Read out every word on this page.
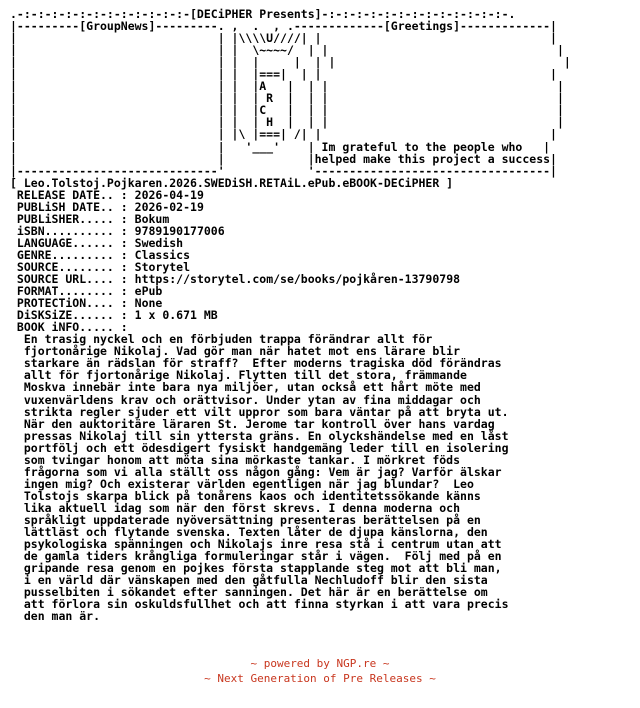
.-:-:-:-:-:-:-:-:-:-:-:-:-[DECiPHER Presents]-:-:-:-:-:-:-:-:-:-:-:-:-:-.
|---------[GroupNews]---------. ,  .  , .-------------[Greetings]-------------|
|                             | |\\\\U////| |                                 |
|                             | |  \~~~~/  | |                                 |
|                             | |  |     |  | |                                 |
|                             | |  |===|  | |                                 |
|                             | |  |A   |  | |                                 |
|                             | |  | R  |  | |                                 |
|                             | |  |C   |  | |                                 |
|                             | |  | H  |  | |                                 |
|                             | |\ |===| /| |                                 |
|                             |   '___'    | Im grateful to the people who   |
|                             |            |helped make this project a success|
|-----------------------------'            '----------------------------------|
[ Leo.Tolstoj.Pojkaren.2026.SWEDiSH.RETAiL.ePub.eBOOK-DECiPHER ]
RELEASE DATE.. : 2026-04-19
PUBLiSH DATE.. : 2026-02-19
PUBLiSHER..... : Bokum
iSBN.......... : 9789190177006
LANGUAGE...... : Swedish
GENRE......... : Classics
SOURCE........ : Storytel
SOURCE URL.... : https://storytel.com/se/books/pojkåren-13790798
FORMAT........ : ePub
PROTECTiON.... : None
DiSKSiZE...... : 1 x 0.671 MB
BOOK iNFO..... :
En trasig nyckel och en förbjuden trappa förändrar allt för
fjortonårige Nikolaj. Vad gör man när hatet mot ens lärare blir
starkare än rädslan för straff?  Efter moderns tragiska död förändras
allt för fjortonårige Nikolaj. Flytten till det stora, främmande
Moskva innebär inte bara nya miljöer, utan också ett hårt möte med
vuxenvärldens krav och orättvisor. Under ytan av fina middagar och
strikta regler sjuder ett vilt uppror som bara väntar på att bryta ut.
När den auktoritäre läraren St. Jerome tar kontroll över hans vardag
pressas Nikolaj till sin yttersta gräns. En olyckshändelse med en låst
portfölj och ett ödesdigert fysiskt handgemäng leder till en isolering
som tvingar honom att möta sina mörkaste tankar. I mörkret föds
frågorna som vi alla ställt oss någon gång: Vem är jag? Varför älskar
ingen mig? Och existerar världen egentligen när jag blundar?  Leo
Tolstojs skarpa blick på tonårens kaos och identitetssökande känns
lika aktuell idag som när den först skrevs. I denna moderna och
språkligt uppdaterade nyöversättning presenteras berättelsen på en
lättläst och flytande svenska. Texten låter de djupa känslorna, den
psykologiska spänningen och Nikolajs inre resa stå i centrum utan att
de gamla tiders krångliga formuleringar står i vägen.  Följ med på en
gripande resa genom en pojkes första stapplande steg mot att bli man,
i en värld där vänskapen med den gåtfulla Nechludoff blir den sista
pusselbiten i sökandet efter sanningen. Det här är en berättelse om
att förlora sin oskuldsfullhet och att finna styrkan i att vara precis
den man är.
~ powered by NGP.re ~
~ Next Generation of Pre Releases ~
